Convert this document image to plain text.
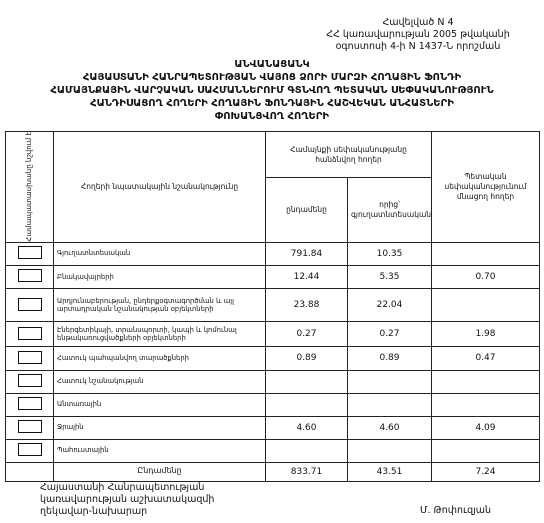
Հավելված N 4
ՀՀ կառավարության 2005 թվականի
օգոստոսի 4-ի N 1437-Ն որոշման
ԱՆՎԱՆԱՑԱՆԿ
ՀԱՅԱՍՏԱՆԻ ՀԱՆՐԱՊԵՏՈՒԹՅԱՆ ՎԱՅՈՑ ՁՈՐԻ ՄԱՐԶԻ ՀՈՂԱՅԻՆ ՖՈՆԴԻ
ՀԱՄԱՅՆՔԱՅԻՆ ՎԱՐՉԱԿԱՆ ՍԱՀՄԱՆՆԵՐՈՒՄ ԳՏՆՎՈՂ ՊԵՏԱԿԱՆ ՍԵՓԱԿԱՆՈՒԹՅՈՒՆ
ՀԱՆԴԻՍԱՑՈՂ ՀՈՂԵՐԻ ՀՈՂԱՅԻՆ ՖՈՆԴԱՅԻՆ ՀԱՇՎԵԿԱՆ ԱՆՀԱՏՆԵՐԻ
ՓՈԽԱՆՑՎՈՂ ՀՈՂԵՐԻ
Համապատասխանը նշվում է	Հողերի նպատակային նշանակությունը	Համայնքի սեփականությանը հանձնվող հողեր		Պետական սեփականությունում մնացող հողեր
		ընդամենը	որից՝ գյուղատնտեսական	
	Գյուղատնտեսական	791.84	10.35	
	Բնակավայրերի	12.44	5.35	0.70
	Արդյունաբերության, ընդերքօգտագործման և այլ արտադրական նշանակության օբյեկտների	23.88	22.04	
	Էներգետիկայի, տրանսպորտի, կապի և կոմունալ ենթակառուցվածքների օբյեկտների	0.27	0.27	1.98
	Հատուկ պահպանվող տարածքների	0.89	0.89	0.47
	Հատուկ նշանակության			
	Անտառային			
	Ջրային	4.60	4.60	4.09
	Պահուստային			
	Ընդամենը	833.71	43.51	7.24
Հայաստանի Հանրապետության
կառավարության աշխատակազմի
ղեկավար-նախարար	Մ. Թոփուզյան
